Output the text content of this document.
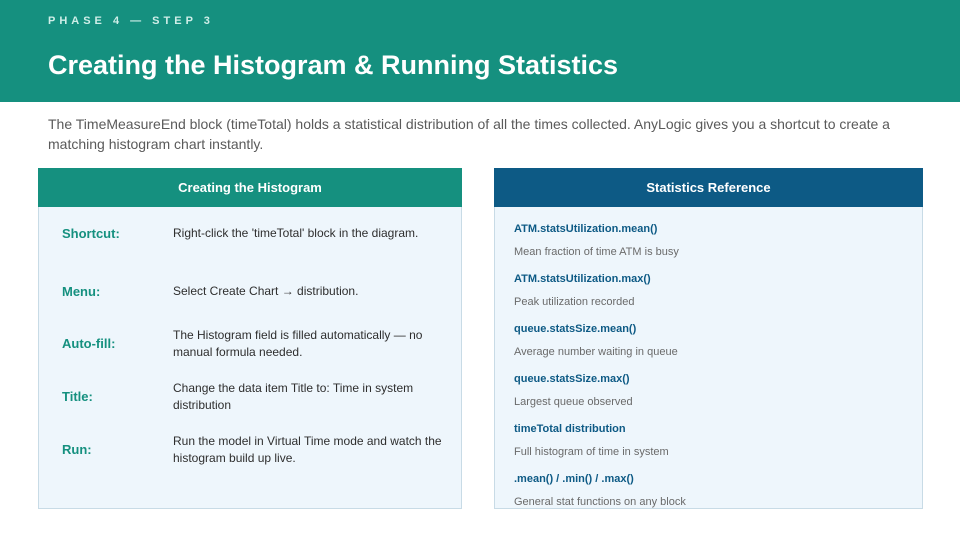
PHASE 4 — STEP 3
Creating the Histogram & Running Statistics
The TimeMeasureEnd block (timeTotal) holds a statistical distribution of all the times collected. AnyLogic gives you a shortcut to create a matching histogram chart instantly.
Creating the Histogram
Shortcut:	Right-click the 'timeTotal' block in the diagram.
Menu:	Select Create Chart → distribution.
Auto-fill:
The Histogram field is filled automatically — no manual formula needed.
Title:
Change the data item Title to: Time in system distribution
Run:
Run the model in Virtual Time mode and watch the histogram build up live.
Statistics Reference
ATM.statsUtilization.mean()
Mean fraction of time ATM is busy
ATM.statsUtilization.max()
Peak utilization recorded
queue.statsSize.mean()
Average number waiting in queue
queue.statsSize.max()
Largest queue observed
timeTotal distribution
Full histogram of time in system
.mean() / .min() / .max()
General stat functions on any block
